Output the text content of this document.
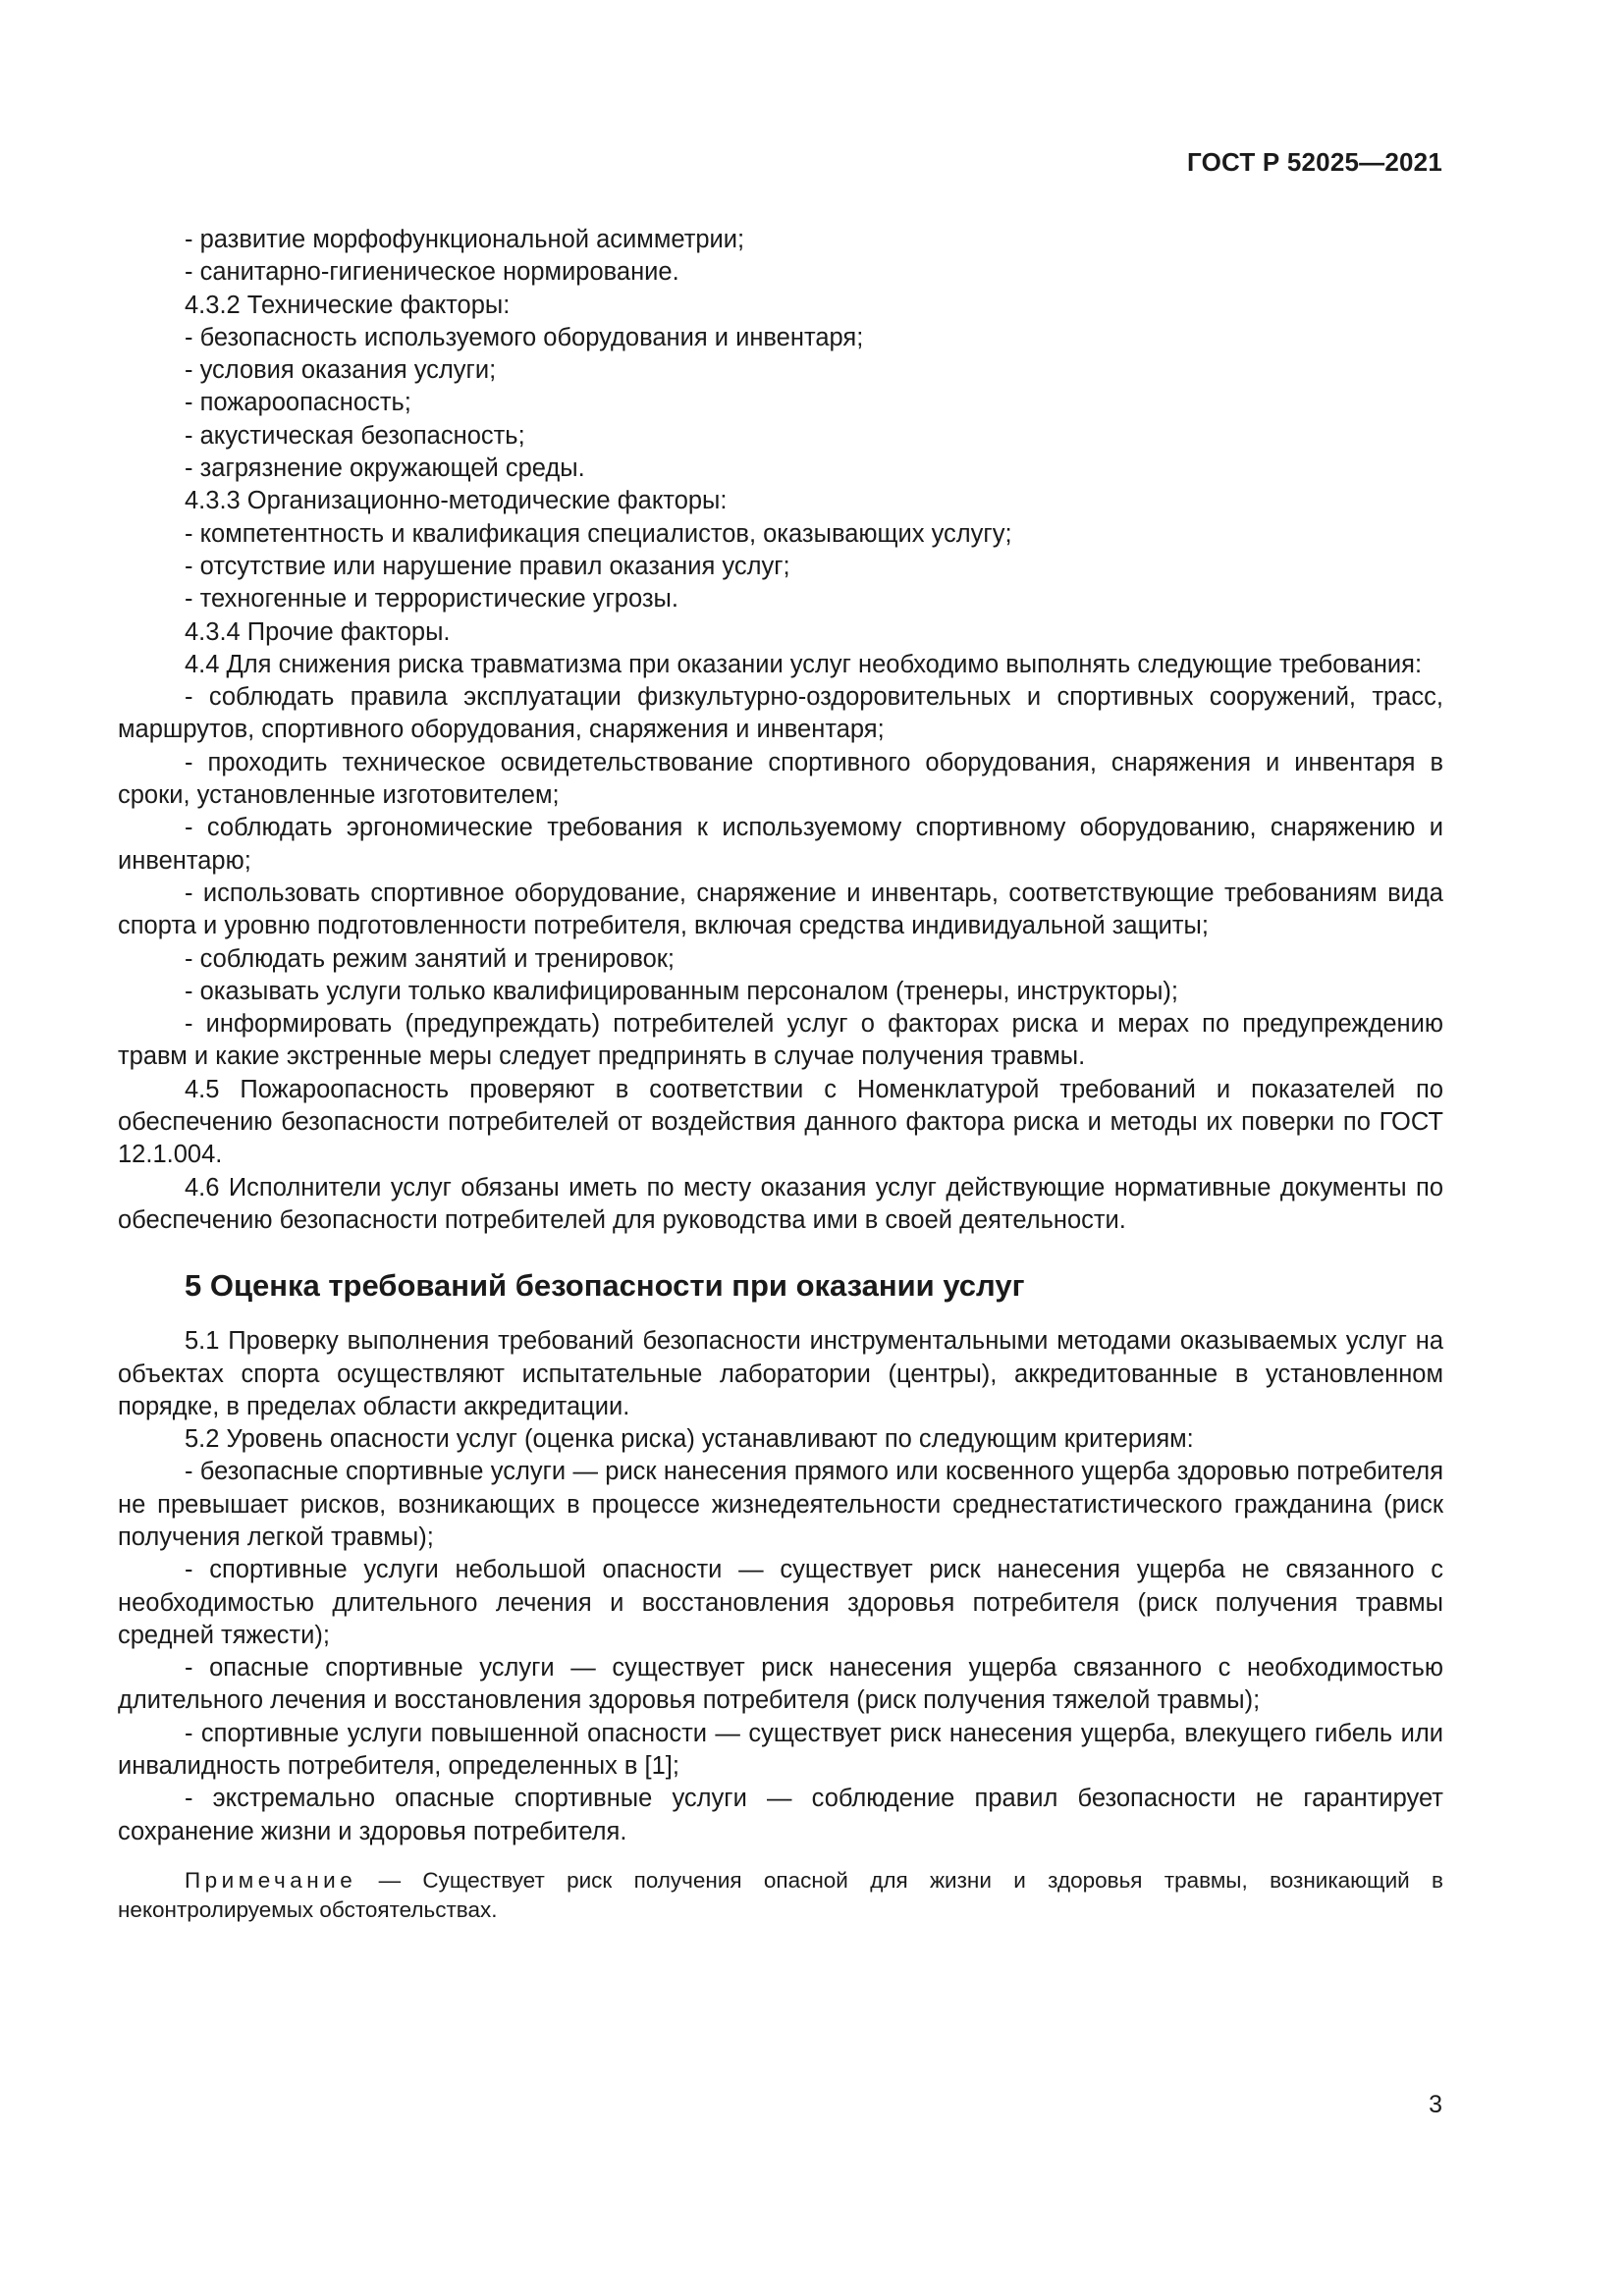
ГОСТ Р 52025—2021

- развитие морфофункциональной асимметрии;

- санитарно-гигиеническое нормирование.

4.3.2 Технические факторы:

- безопасность используемого оборудования и инвентаря;

- условия оказания услуги;

- пожароопасность;

- акустическая безопасность;

- загрязнение окружающей среды.

4.3.3 Организационно-методические факторы:

- компетентность и квалификация специалистов, оказывающих услугу;

- отсутствие или нарушение правил оказания услуг;

- техногенные и террористические угрозы.

4.3.4 Прочие факторы.

4.4 Для снижения риска травматизма при оказании услуг необходимо выполнять следующие требования:

- соблюдать правила эксплуатации физкультурно-оздоровительных и спортивных сооружений, трасс, маршрутов, спортивного оборудования, снаряжения и инвентаря;

- проходить техническое освидетельствование спортивного оборудования, снаряжения и инвентаря в сроки, установленные изготовителем;

- соблюдать эргономические требования к используемому спортивному оборудованию, снаряжению и инвентарю;

- использовать спортивное оборудование, снаряжение и инвентарь, соответствующие требованиям вида спорта и уровню подготовленности потребителя, включая средства индивидуальной защиты;

- соблюдать режим занятий и тренировок;

- оказывать услуги только квалифицированным персоналом (тренеры, инструкторы);

- информировать (предупреждать) потребителей услуг о факторах риска и мерах по предупреждению травм и какие экстренные меры следует предпринять в случае получения травмы.

4.5 Пожароопасность проверяют в соответствии с Номенклатурой требований и показателей по обеспечению безопасности потребителей от воздействия данного фактора риска и методы их поверки по ГОСТ 12.1.004.

4.6 Исполнители услуг обязаны иметь по месту оказания услуг действующие нормативные документы по обеспечению безопасности потребителей для руководства ими в своей деятельности.

5 Оценка требований безопасности при оказании услуг

5.1 Проверку выполнения требований безопасности инструментальными методами оказываемых услуг на объектах спорта осуществляют испытательные лаборатории (центры), аккредитованные в установленном порядке, в пределах области аккредитации.

5.2 Уровень опасности услуг (оценка риска) устанавливают по следующим критериям:

- безопасные спортивные услуги — риск нанесения прямого или косвенного ущерба здоровью потребителя не превышает рисков, возникающих в процессе жизнедеятельности среднестатистического гражданина (риск получения легкой травмы);

- спортивные услуги небольшой опасности — существует риск нанесения ущерба не связанного с необходимостью длительного лечения и восстановления здоровья потребителя (риск получения травмы средней тяжести);

- опасные спортивные услуги — существует риск нанесения ущерба связанного с необходимостью длительного лечения и восстановления здоровья потребителя (риск получения тяжелой травмы);

- спортивные услуги повышенной опасности — существует риск нанесения ущерба, влекущего гибель или инвалидность потребителя, определенных в [1];

- экстремально опасные спортивные услуги — соблюдение правил безопасности не гарантирует сохранение жизни и здоровья потребителя.

Примечание — Существует риск получения опасной для жизни и здоровья травмы, возникающий в неконтролируемых обстоятельствах.
3
